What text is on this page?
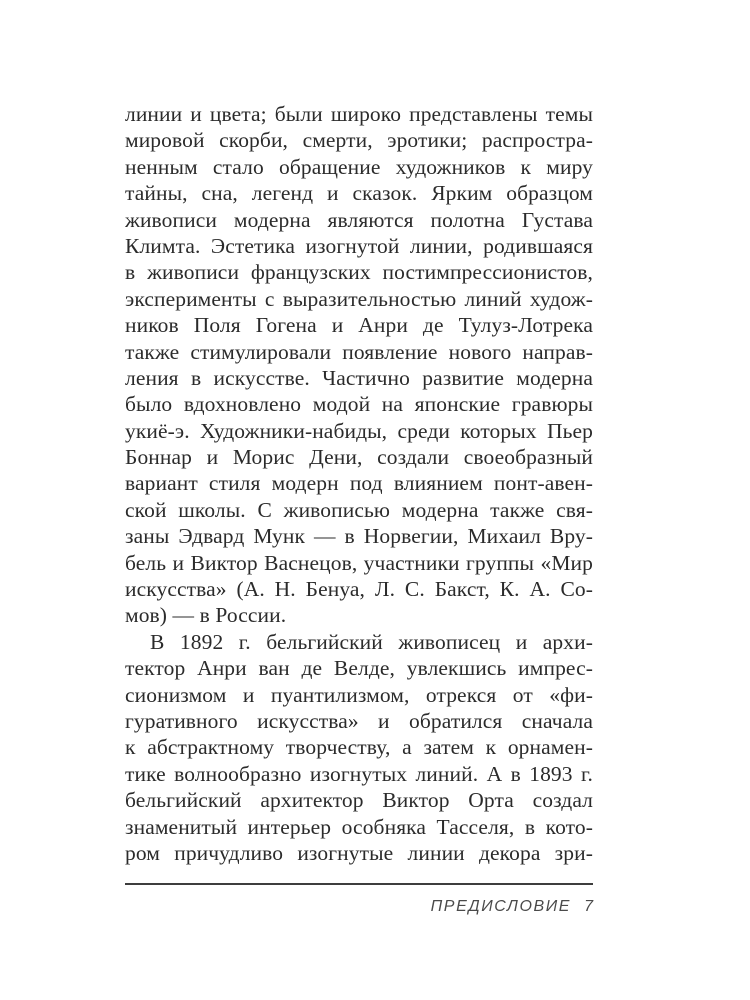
линии и цвета; были широко представлены темы
мировой скорби, смерти, эротики; распростра-
ненным стало обращение художников к миру
тайны, сна, легенд и сказок. Ярким образцом
живописи модерна являются полотна Густава
Климта. Эстетика изогнутой линии, родившаяся
в живописи французских постимпрессионистов,
эксперименты с выразительностью линий худож-
ников Поля Гогена и Анри де Тулуз-Лотрека
также стимулировали появление нового направ-
ления в искусстве. Частично развитие модерна
было вдохновлено модой на японские гравюры
укиё-э. Художники-набиды, среди которых Пьер
Боннар и Морис Дени, создали своеобразный
вариант стиля модерн под влиянием понт-авен-
ской школы. С живописью модерна также свя-
заны Эдвард Мунк — в Норвегии, Михаил Вру-
бель и Виктор Васнецов, участники группы «Мир
искусства» (А. Н. Бенуа, Л. С. Бакст, К. А. Со-
мов) — в России.
В 1892 г. бельгийский живописец и архи-
тектор Анри ван де Велде, увлекшись импрес-
сионизмом и пуантилизмом, отрекся от «фи-
гуративного искусства» и обратился сначала
к абстрактному творчеству, а затем к орнамен-
тике волнообразно изогнутых линий. А в 1893 г.
бельгийский архитектор Виктор Орта создал
знаменитый интерьер особняка Тасселя, в кото-
ром причудливо изогнутые линии декора зри-
ПРЕДИСЛОВИЕ 7
